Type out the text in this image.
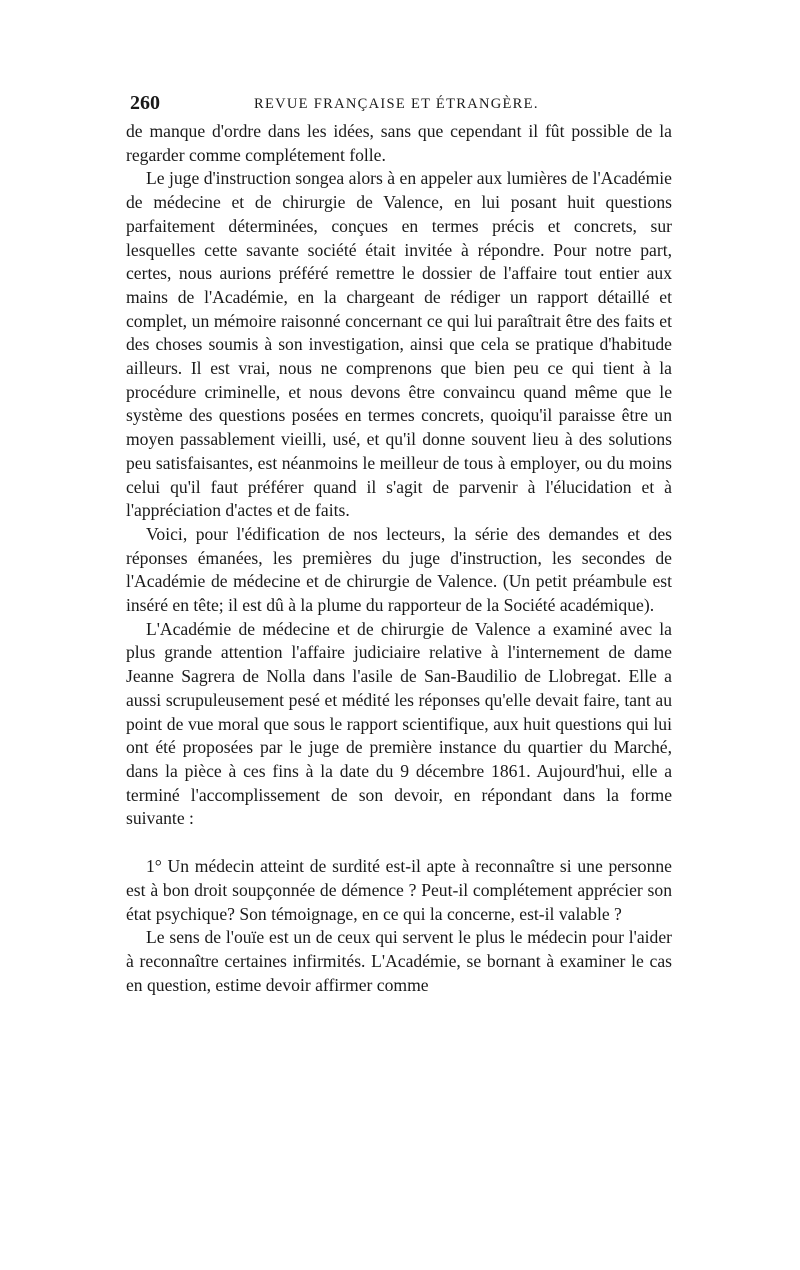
260	REVUE FRANÇAISE ET ÉTRANGÈRE.

de manque d'ordre dans les idées, sans que cependant il fût possible de la regarder comme complétement folle.

Le juge d'instruction songea alors à en appeler aux lumières de l'Académie de médecine et de chirurgie de Valence, en lui posant huit questions parfaitement déterminées, conçues en termes précis et concrets, sur lesquelles cette savante société était invitée à répondre. Pour notre part, certes, nous aurions préféré remettre le dossier de l'affaire tout entier aux mains de l'Académie, en la chargeant de rédiger un rapport détaillé et complet, un mémoire raisonné concernant ce qui lui paraîtrait être des faits et des choses soumis à son investigation, ainsi que cela se pratique d'habitude ailleurs. Il est vrai, nous ne comprenons que bien peu ce qui tient à la procédure criminelle, et nous devons être convaincu quand même que le système des questions posées en termes concrets, quoiqu'il paraisse être un moyen passablement vieilli, usé, et qu'il donne souvent lieu à des solutions peu satisfaisantes, est néanmoins le meilleur de tous à employer, ou du moins celui qu'il faut préférer quand il s'agit de parvenir à l'élucidation et à l'appréciation d'actes et de faits.

Voici, pour l'édification de nos lecteurs, la série des demandes et des réponses émanées, les premières du juge d'instruction, les secondes de l'Académie de médecine et de chirurgie de Valence. (Un petit préambule est inséré en tête; il est dû à la plume du rapporteur de la Société académique).

L'Académie de médecine et de chirurgie de Valence a examiné avec la plus grande attention l'affaire judiciaire relative à l'internement de dame Jeanne Sagrera de Nolla dans l'asile de San-Baudilio de Llobregat. Elle a aussi scrupuleusement pesé et médité les réponses qu'elle devait faire, tant au point de vue moral que sous le rapport scientifique, aux huit questions qui lui ont été proposées par le juge de première instance du quartier du Marché, dans la pièce à ces fins à la date du 9 décembre 1861. Aujourd'hui, elle a terminé l'accomplissement de son devoir, en répondant dans la forme suivante :

1° Un médecin atteint de surdité est-il apte à reconnaître si une personne est à bon droit soupçonnée de démence ? Peut-il complétement apprécier son état psychique? Son témoignage, en ce qui la concerne, est-il valable ?

Le sens de l'ouïe est un de ceux qui servent le plus le médecin pour l'aider à reconnaître certaines infirmités. L'Académie, se bornant à examiner le cas en question, estime devoir affirmer comme
